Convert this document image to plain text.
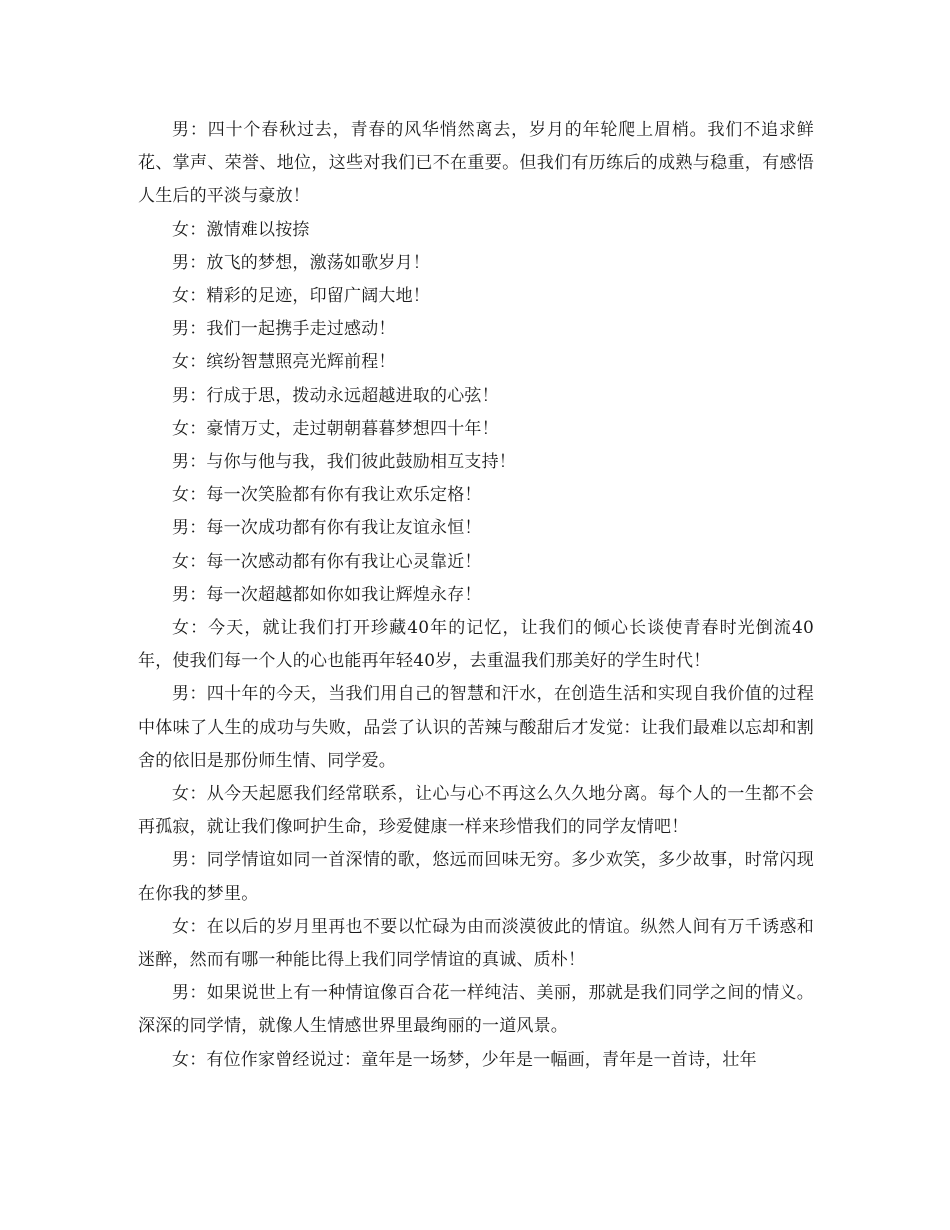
男：四十个春秋过去，青春的风华悄然离去，岁月的年轮爬上眉梢。我们不追求鲜花、掌声、荣誉、地位，这些对我们已不在重要。但我们有历练后的成熟与稳重，有感悟人生后的平淡与豪放！

女：激情难以按捺

男：放飞的梦想，激荡如歌岁月！

女：精彩的足迹，印留广阔大地！

男：我们一起携手走过感动！

女：缤纷智慧照亮光辉前程！

男：行成于思，拨动永远超越进取的心弦！

女：豪情万丈，走过朝朝暮暮梦想四十年！

男：与你与他与我，我们彼此鼓励相互支持！

女：每一次笑脸都有你有我让欢乐定格！

男：每一次成功都有你有我让友谊永恒！

女：每一次感动都有你有我让心灵靠近！

男：每一次超越都如你如我让辉煌永存！

女：今天，就让我们打开珍藏40年的记忆，让我们的倾心长谈使青春时光倒流40年，使我们每一个人的心也能再年轻40岁，去重温我们那美好的学生时代！

男：四十年的今天，当我们用自己的智慧和汗水，在创造生活和实现自我价值的过程中体味了人生的成功与失败，品尝了认识的苦辣与酸甜后才发觉：让我们最难以忘却和割舍的依旧是那份师生情、同学爱。

女：从今天起愿我们经常联系，让心与心不再这么久久地分离。每个人的一生都不会再孤寂，就让我们像呵护生命，珍爱健康一样来珍惜我们的同学友情吧！

男：同学情谊如同一首深情的歌，悠远而回味无穷。多少欢笑，多少故事，时常闪现在你我的梦里。

女：在以后的岁月里再也不要以忙碌为由而淡漠彼此的情谊。纵然人间有万千诱惑和迷醉，然而有哪一种能比得上我们同学情谊的真诚、质朴！

男：如果说世上有一种情谊像百合花一样纯洁、美丽，那就是我们同学之间的情义。深深的同学情，就像人生情感世界里最绚丽的一道风景。

女：有位作家曾经说过：童年是一场梦，少年是一幅画，青年是一首诗，壮年
